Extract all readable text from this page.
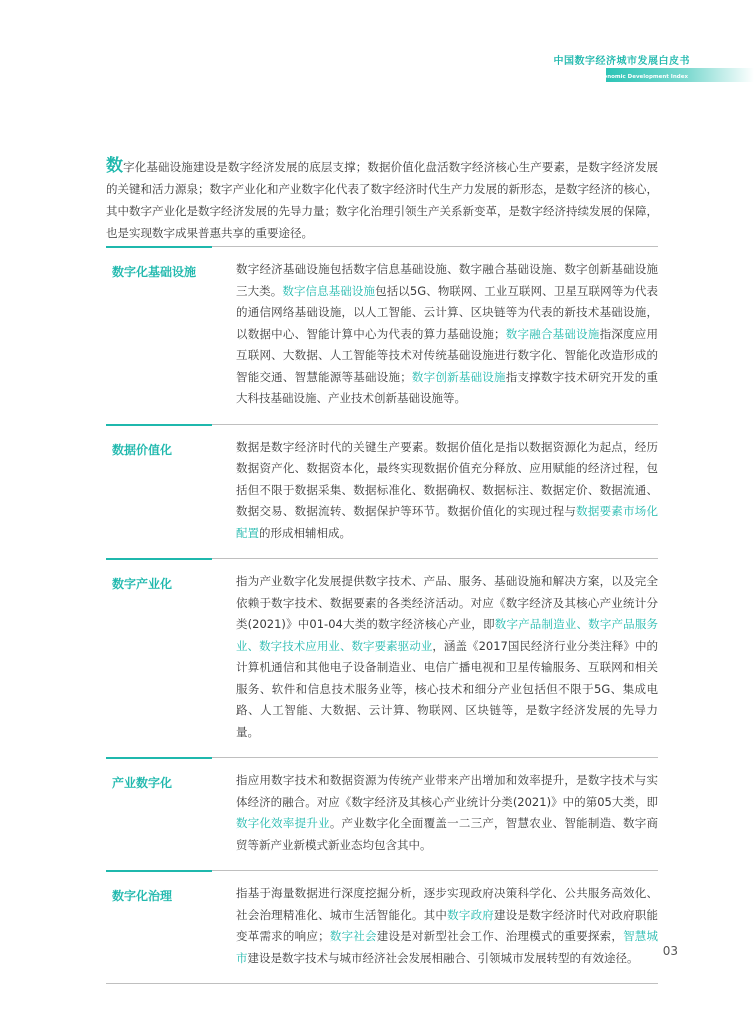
中国数字经济城市发展白皮书
Digital Economic Development Index
数字化基础设施建设是数字经济发展的底层支撑；数据价值化盘活数字经济核心生产要素，是数字经济发展的关键和活力源泉；数字产业化和产业数字化代表了数字经济时代生产力发展的新形态，是数字经济的核心，其中数字产业化是数字经济发展的先导力量；数字化治理引领生产关系新变革，是数字经济持续发展的保障，也是实现数字成果普惠共享的重要途径。
数字化基础设施	数字经济基础设施包括数字信息基础设施、数字融合基础设施、数字创新基础设施三大类。数字信息基础设施包括以5G、物联网、工业互联网、卫星互联网等为代表的通信网络基础设施，以人工智能、云计算、区块链等为代表的新技术基础设施，以数据中心、智能计算中心为代表的算力基础设施；数字融合基础设施指深度应用互联网、大数据、人工智能等技术对传统基础设施进行数字化、智能化改造形成的智能交通、智慧能源等基础设施；数字创新基础设施指支撑数字技术研究开发的重大科技基础设施、产业技术创新基础设施等。
数据价值化	数据是数字经济时代的关键生产要素。数据价值化是指以数据资源化为起点，经历数据资产化、数据资本化，最终实现数据价值充分释放、应用赋能的经济过程，包括但不限于数据采集、数据标准化、数据确权、数据标注、数据定价、数据流通、数据交易、数据流转、数据保护等环节。数据价值化的实现过程与数据要素市场化配置的形成相辅相成。
数字产业化	指为产业数字化发展提供数字技术、产品、服务、基础设施和解决方案，以及完全依赖于数字技术、数据要素的各类经济活动。对应《数字经济及其核心产业统计分类(2021)》中01-04大类的数字经济核心产业，即数字产品制造业、数字产品服务业、数字技术应用业、数字要素驱动业，涵盖《2017国民经济行业分类注释》中的计算机通信和其他电子设备制造业、电信广播电视和卫星传输服务、互联网和相关服务、软件和信息技术服务业等，核心技术和细分产业包括但不限于5G、集成电路、人工智能、大数据、云计算、物联网、区块链等，是数字经济发展的先导力量。
产业数字化	指应用数字技术和数据资源为传统产业带来产出增加和效率提升，是数字技术与实体经济的融合。对应《数字经济及其核心产业统计分类(2021)》中的第05大类，即数字化效率提升业。产业数字化全面覆盖一二三产，智慧农业、智能制造、数字商贸等新产业新模式新业态均包含其中。
数字化治理	指基于海量数据进行深度挖掘分析，逐步实现政府决策科学化、公共服务高效化、社会治理精准化、城市生活智能化。其中数字政府建设是数字经济时代对政府职能变革需求的响应；数字社会建设是对新型社会工作、治理模式的重要探索，智慧城市建设是数字技术与城市经济社会发展相融合、引领城市发展转型的有效途径。	03
